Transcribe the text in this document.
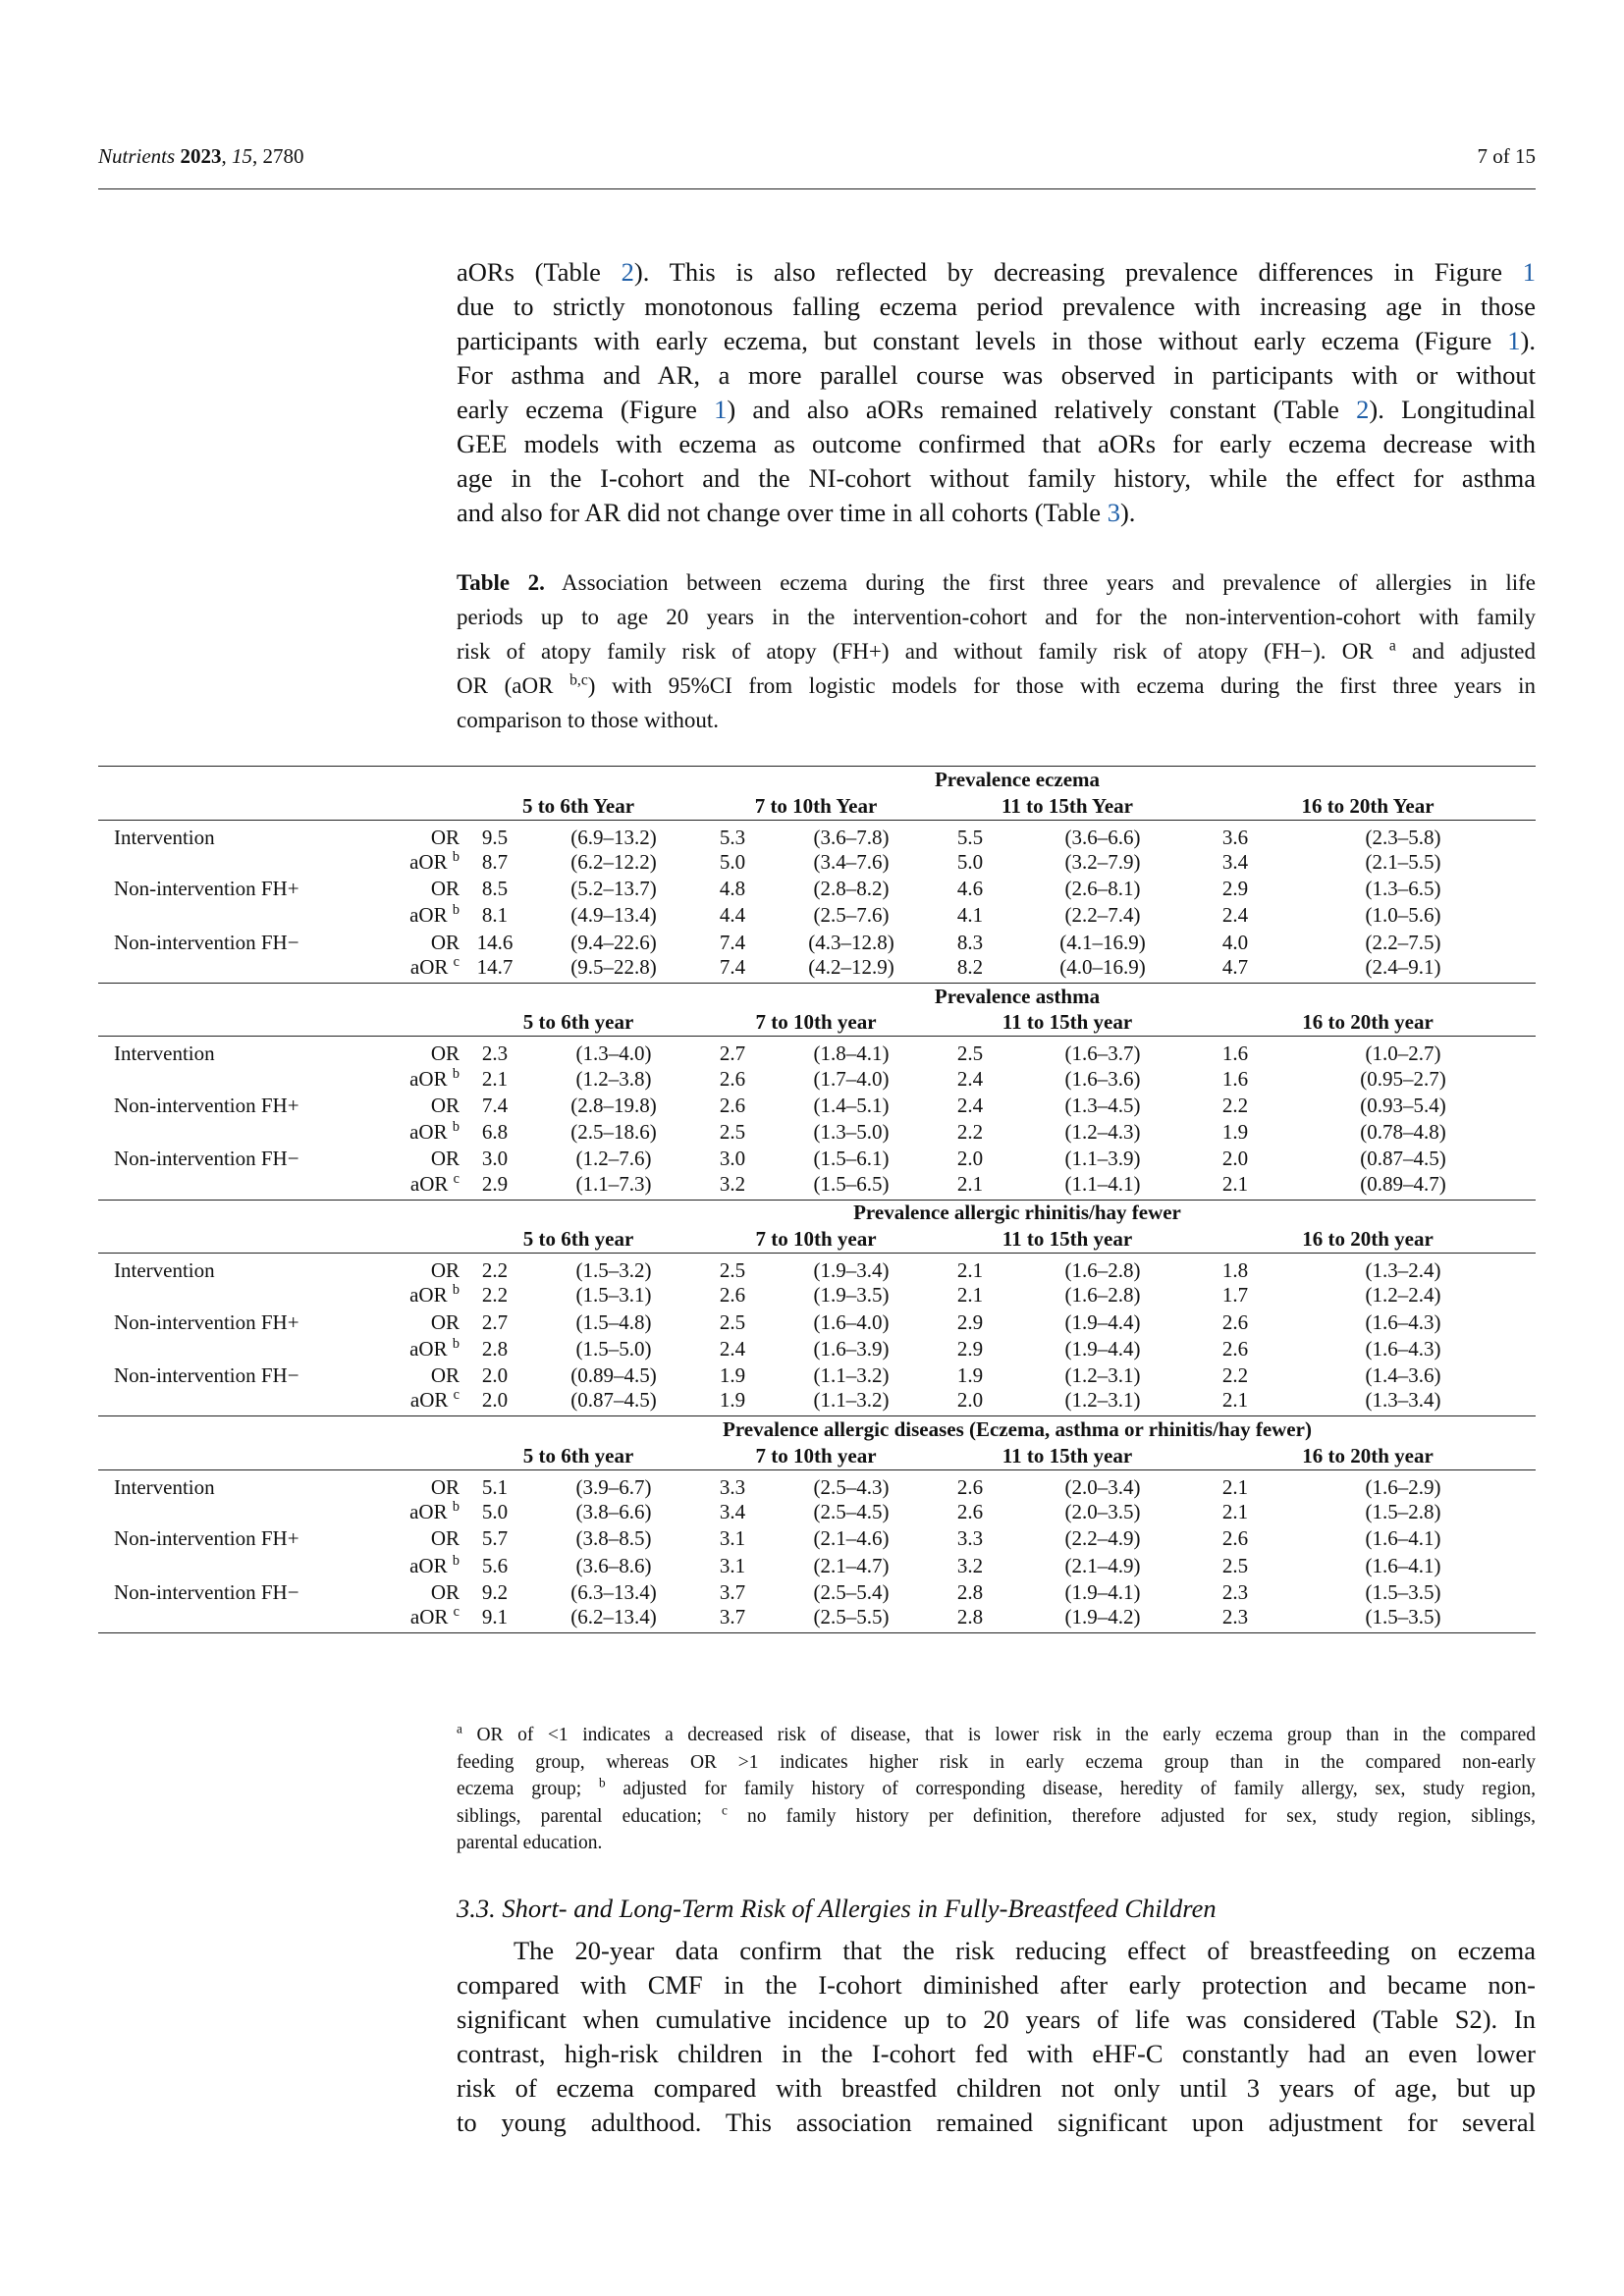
Nutrients 2023, 15, 2780	7 of 15
aORs (Table 2). This is also reflected by decreasing prevalence differences in Figure 1
due to strictly monotonous falling eczema period prevalence with increasing age in those
participants with early eczema, but constant levels in those without early eczema (Figure 1).
For asthma and AR, a more parallel course was observed in participants with or without
early eczema (Figure 1) and also aORs remained relatively constant (Table 2). Longitudinal
GEE models with eczema as outcome confirmed that aORs for early eczema decrease with
age in the I-cohort and the NI-cohort without family history, while the effect for asthma
and also for AR did not change over time in all cohorts (Table 3).
Table 2. Association between eczema during the first three years and prevalence of allergies in life
periods up to age 20 years in the intervention-cohort and for the non-intervention-cohort with family
risk of atopy family risk of atopy (FH+) and without family risk of atopy (FH−). OR $^a$ and adjusted
OR (aOR $^{b,c}$) with 95%CI from logistic models for those with eczema during the first three years in
comparison to those without.
		Prevalence eczema							
		5 to 6th Year		7 to 10th Year		11 to 15th Year		16 to 20th Year	
Intervention	OR	9.5	(6.9–13.2)	5.3	(3.6–7.8)	5.5	(3.6–6.6)	3.6	(2.3–5.8)
	aOR $^b$	8.7	(6.2–12.2)	5.0	(3.4–7.6)	5.0	(3.2–7.9)	3.4	(2.1–5.5)
Non-intervention FH+	OR	8.5	(5.2–13.7)	4.8	(2.8–8.2)	4.6	(2.6–8.1)	2.9	(1.3–6.5)
	aOR $^b$	8.1	(4.9–13.4)	4.4	(2.5–7.6)	4.1	(2.2–7.4)	2.4	(1.0–5.6)
Non-intervention FH−	OR	14.6	(9.4–22.6)	7.4	(4.3–12.8)	8.3	(4.1–16.9)	4.0	(2.2–7.5)
	aOR $^c$	14.7	(9.5–22.8)	7.4	(4.2–12.9)	8.2	(4.0–16.9)	4.7	(2.4–9.1)
		Prevalence asthma							
		5 to 6th year		7 to 10th year		11 to 15th year		16 to 20th year	
Intervention	OR	2.3	(1.3–4.0)	2.7	(1.8–4.1)	2.5	(1.6–3.7)	1.6	(1.0–2.7)
	aOR $^b$	2.1	(1.2–3.8)	2.6	(1.7–4.0)	2.4	(1.6–3.6)	1.6	(0.95–2.7)
Non-intervention FH+	OR	7.4	(2.8–19.8)	2.6	(1.4–5.1)	2.4	(1.3–4.5)	2.2	(0.93–5.4)
	aOR $^b$	6.8	(2.5–18.6)	2.5	(1.3–5.0)	2.2	(1.2–4.3)	1.9	(0.78–4.8)
Non-intervention FH−	OR	3.0	(1.2–7.6)	3.0	(1.5–6.1)	2.0	(1.1–3.9)	2.0	(0.87–4.5)
	aOR $^c$	2.9	(1.1–7.3)	3.2	(1.5–6.5)	2.1	(1.1–4.1)	2.1	(0.89–4.7)
		Prevalence allergic rhinitis/hay fewer							
		5 to 6th year		7 to 10th year		11 to 15th year		16 to 20th year	
Intervention	OR	2.2	(1.5–3.2)	2.5	(1.9–3.4)	2.1	(1.6–2.8)	1.8	(1.3–2.4)
	aOR $^b$	2.2	(1.5–3.1)	2.6	(1.9–3.5)	2.1	(1.6–2.8)	1.7	(1.2–2.4)
Non-intervention FH+	OR	2.7	(1.5–4.8)	2.5	(1.6–4.0)	2.9	(1.9–4.4)	2.6	(1.6–4.3)
	aOR $^b$	2.8	(1.5–5.0)	2.4	(1.6–3.9)	2.9	(1.9–4.4)	2.6	(1.6–4.3)
Non-intervention FH−	OR	2.0	(0.89–4.5)	1.9	(1.1–3.2)	1.9	(1.2–3.1)	2.2	(1.4–3.6)
	aOR $^c$	2.0	(0.87–4.5)	1.9	(1.1–3.2)	2.0	(1.2–3.1)	2.1	(1.3–3.4)
		Prevalence allergic diseases (Eczema, asthma or rhinitis/hay fewer)							
		5 to 6th year		7 to 10th year		11 to 15th year		16 to 20th year	
Intervention	OR	5.1	(3.9–6.7)	3.3	(2.5–4.3)	2.6	(2.0–3.4)	2.1	(1.6–2.9)
	aOR $^b$	5.0	(3.8–6.6)	3.4	(2.5–4.5)	2.6	(2.0–3.5)	2.1	(1.5–2.8)
Non-intervention FH+	OR	5.7	(3.8–8.5)	3.1	(2.1–4.6)	3.3	(2.2–4.9)	2.6	(1.6–4.1)
	aOR $^b$	5.6	(3.6–8.6)	3.1	(2.1–4.7)	3.2	(2.1–4.9)	2.5	(1.6–4.1)
Non-intervention FH−	OR	9.2	(6.3–13.4)	3.7	(2.5–5.4)	2.8	(1.9–4.1)	2.3	(1.5–3.5)
	aOR $^c$	9.1	(6.2–13.4)	3.7	(2.5–5.5)	2.8	(1.9–4.2)	2.3	(1.5–3.5)
$^a$ OR of <1 indicates a decreased risk of disease, that is lower risk in the early eczema group than in the compared
feeding group, whereas OR >1 indicates higher risk in early eczema group than in the compared non-early
eczema group; $^b$ adjusted for family history of corresponding disease, heredity of family allergy, sex, study region,
siblings, parental education; $^c$ no family history per definition, therefore adjusted for sex, study region, siblings,
parental education.
3.3. Short- and Long-Term Risk of Allergies in Fully-Breastfeed Children
The 20-year data confirm that the risk reducing effect of breastfeeding on eczema
compared with CMF in the I-cohort diminished after early protection and became non-
significant when cumulative incidence up to 20 years of life was considered (Table S2). In
contrast, high-risk children in the I-cohort fed with eHF-C constantly had an even lower
risk of eczema compared with breastfed children not only until 3 years of age, but up
to young adulthood. This association remained significant upon adjustment for several
